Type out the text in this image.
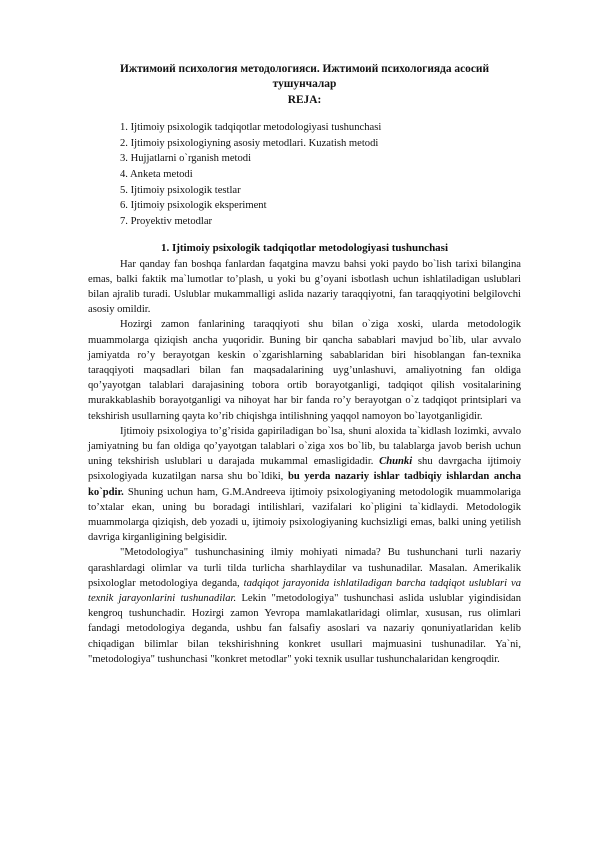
Ижтимоий психология методологияси. Ижтимоий психологияда асосий тушунчалар
REJA:
1. Ijtimoiy psixologik tadqiqotlar metodologiyasi tushunchasi
2. Ijtimoiy psixologiyning asosiy metodlari. Kuzatish metodi
3. Hujjatlarni o`rganish metodi
4. Anketa metodi
5. Ijtimoiy psixologik testlar
6. Ijtimoiy psixologik eksperiment
7. Proyektiv metodlar
1. Ijtimoiy psixologik tadqiqotlar metodologiyasi tushunchasi

Har qanday fan boshqa fanlardan faqatgina mavzu bahsi yoki paydo bo`lish tarixi bilangina emas, balki faktik ma`lumotlar to’plash, u yoki bu g’oyani isbotlash uchun ishlatiladigan uslublari bilan ajralib turadi. Uslublar mukammalligi aslida nazariy taraqqiyotni, fan taraqqiyotini belgilovchi asosiy omildir.

Hozirgi zamon fanlarining taraqqiyoti shu bilan o`ziga xoski, ularda metodologik muammolarga qiziqish ancha yuqoridir. Buning bir qancha sabablari mavjud bo`lib, ular avvalo jamiyatda ro’y berayotgan keskin o`zgarishlarning sabablaridan biri hisoblangan fan-texnika taraqqiyoti maqsadlari bilan fan maqsadalarining uyg’unlashuvi, amaliyotning fan oldiga qo’yayotgan talablari darajasining tobora ortib borayotganligi, tadqiqot qilish vositalarining murakkablashib borayotganligi va nihoyat har bir fanda ro’y berayotgan o`z tadqiqot printsiplari va tekshirish usullarning qayta ko’rib chiqishga intilishning yaqqol namoyon bo`layotganligidir.

Ijtimoiy psixologiya to’g’risida gapiriladigan bo`lsa, shuni aloxida ta`kidlash lozimki, avvalo jamiyatning bu fan oldiga qo’yayotgan talablari o`ziga xos bo`lib, bu talablarga javob berish uchun uning tekshirish uslublari u darajada mukammal emasligidadir. Chunki shu davrgacha ijtimoiy psixologiyada kuzatilgan narsa shu bo`ldiki, bu yerda nazariy ishlar tadbiqiy ishlardan ancha ko`pdir. Shuning uchun ham, G.M.Andreeva ijtimoiy psixologiyaning metodologik muammolariga to’xtalar ekan, uning bu boradagi intilishlari, vazifalari ko`pligini ta`kidlaydi. Metodologik muammolarga qiziqish, deb yozadi u, ijtimoiy psixologiyaning kuchsizligi emas, balki uning yetilish davriga kirganligining belgisidir.

"Metodologiya" tushunchasining ilmiy mohiyati nimada? Bu tushunchani turli nazariy qarashlardagi olimlar va turli tilda turlicha sharhlaydilar va tushunadilar. Masalan. Amerikalik psixologlar metodologiya deganda, tadqiqot jarayonida ishlatiladigan barcha tadqiqot uslublari va texnik jarayonlarini tushunadilar. Lekin "metodologiya" tushunchasi aslida uslublar yigindisidan kengroq tushunchadir. Hozirgi zamon Yevropa mamlakatlaridagi olimlar, xususan, rus olimlari fandagi metodologiya deganda, ushbu fan falsafiy asoslari va nazariy qonuniyatlaridan kelib chiqadigan bilimlar bilan tekshirishning konkret usullari majmuasini tushunadilar. Ya`ni, "metodologiya" tushunchasi "konkret metodlar" yoki texnik usullar tushunchalaridan kengroqdir.
